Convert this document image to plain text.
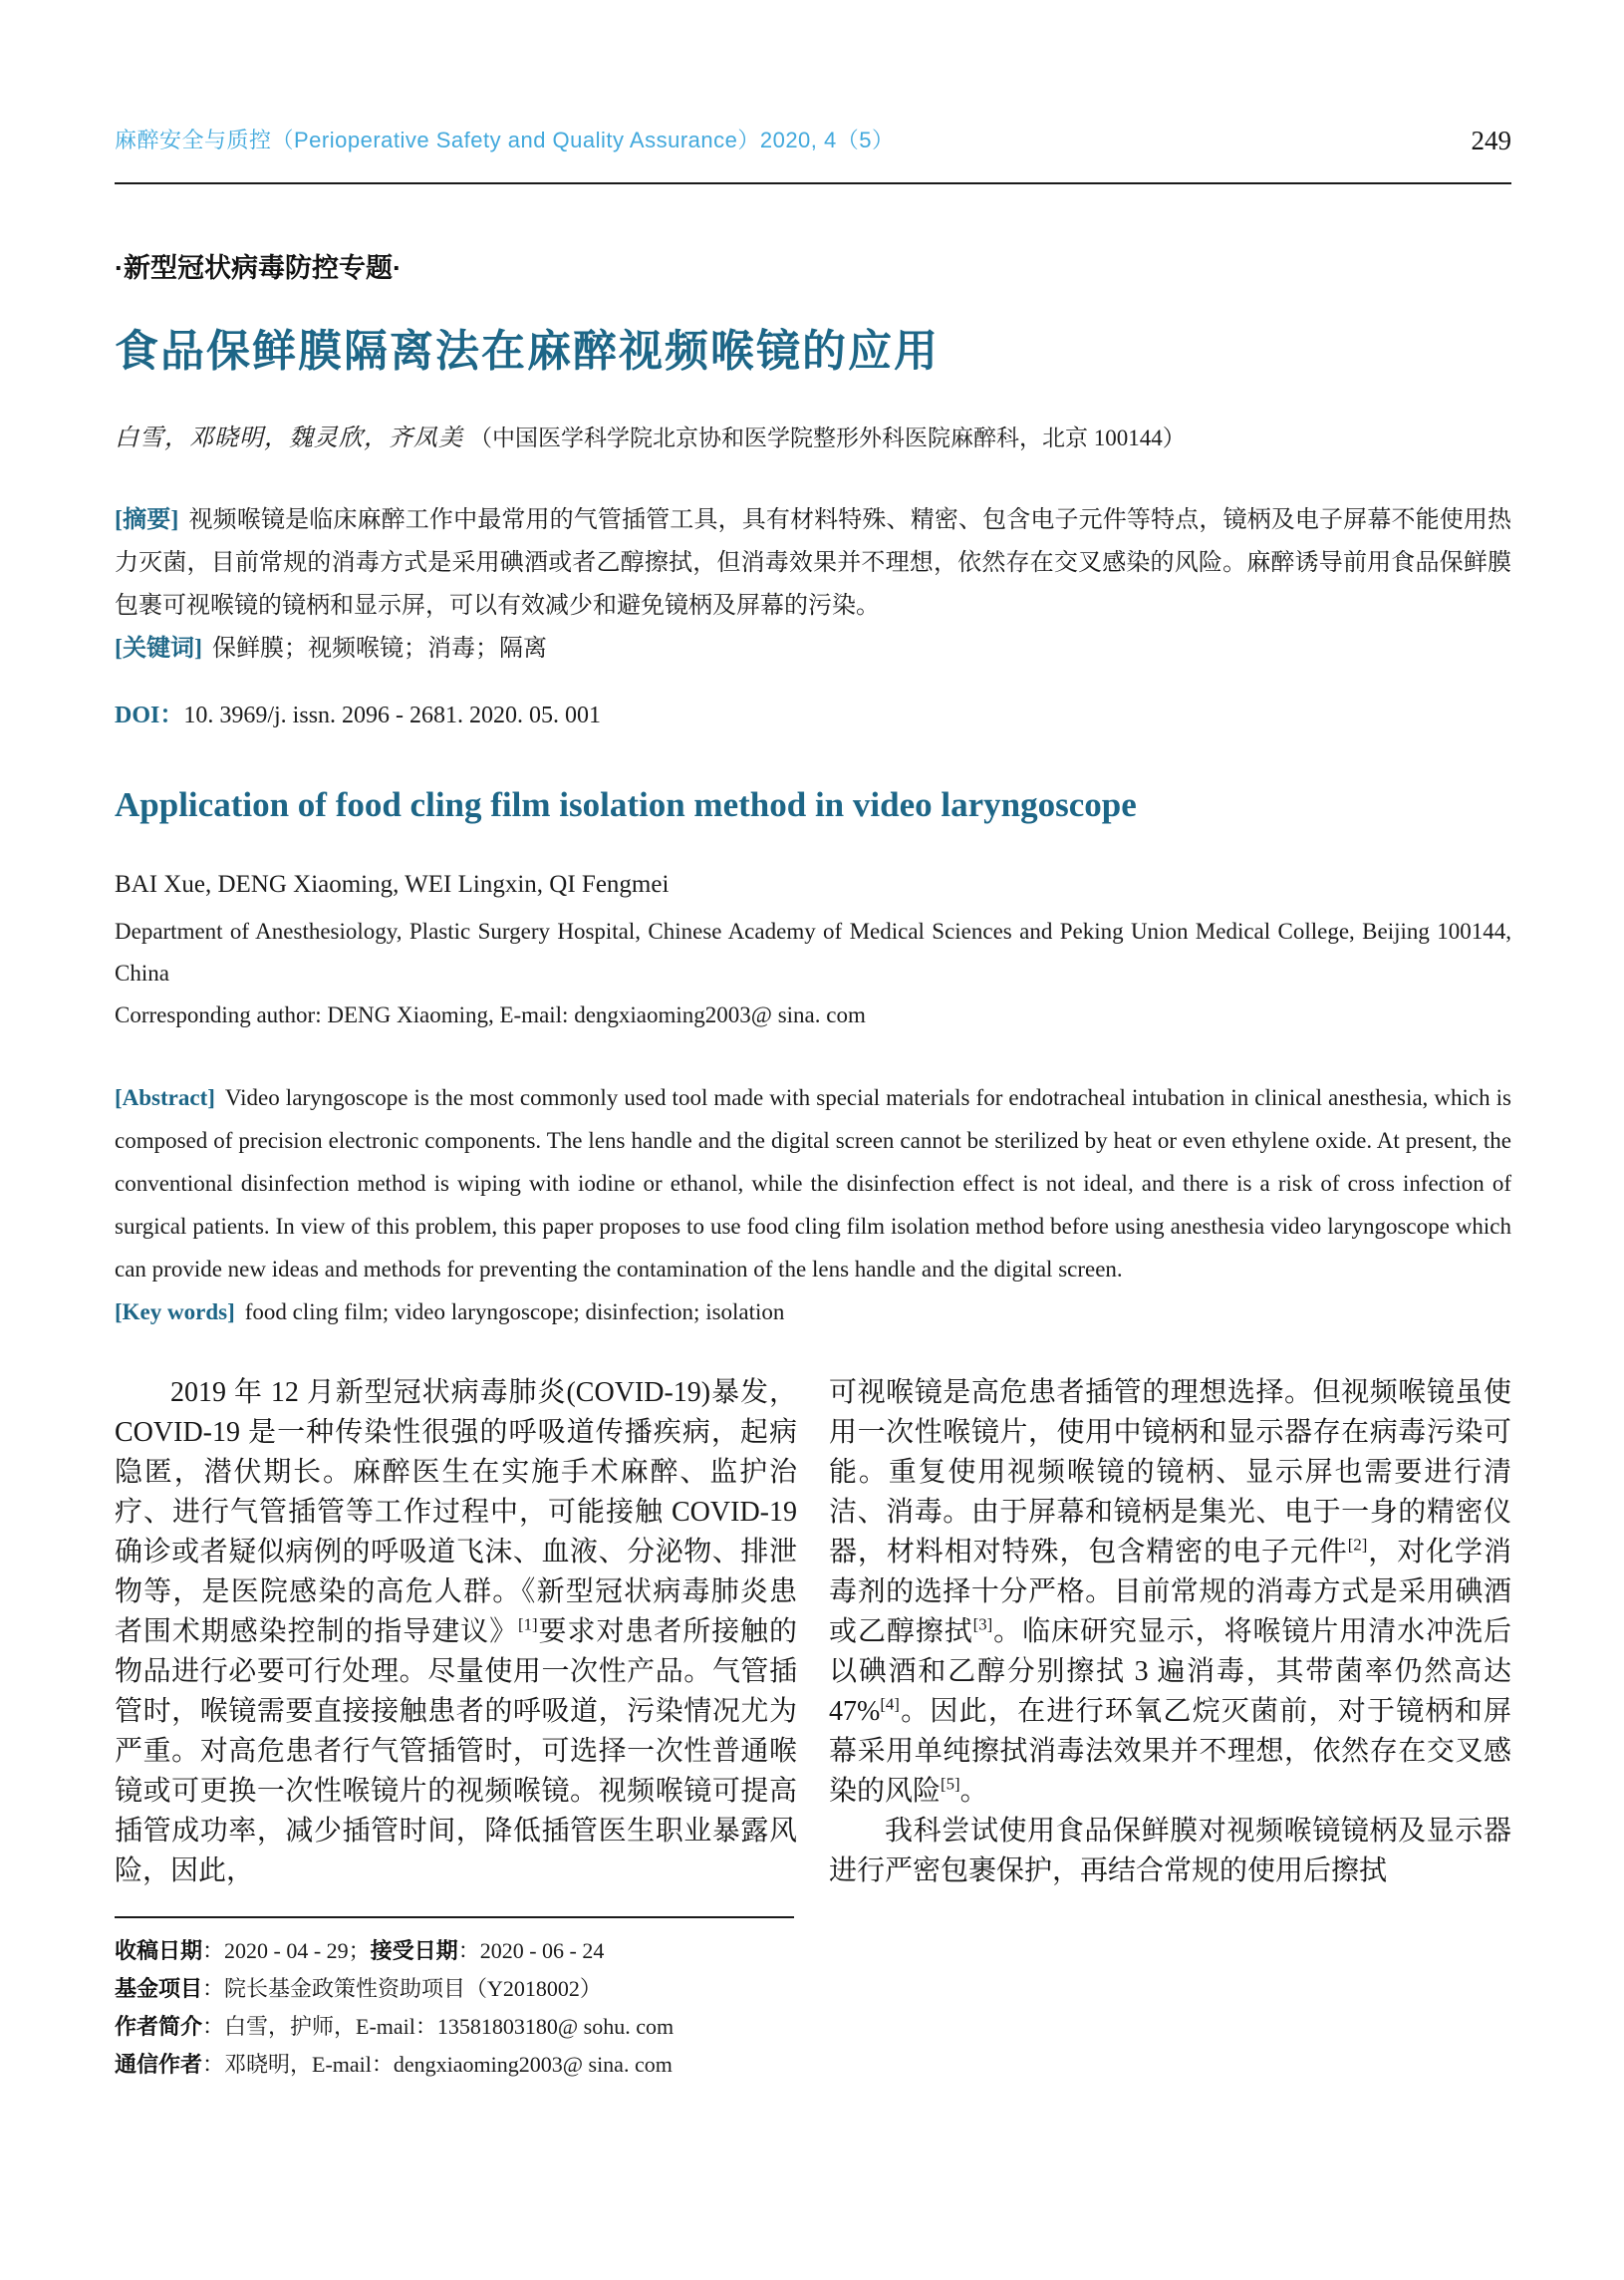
麻醉安全与质控（Perioperative Safety and Quality Assurance）2020, 4（5）	249
·新型冠状病毒防控专题·
食品保鲜膜隔离法在麻醉视频喉镜的应用
白雪，邓晓明，魏灵欣，齐凤美 （中国医学科学院北京协和医学院整形外科医院麻醉科，北京 100144）

[摘要] 视频喉镜是临床麻醉工作中最常用的气管插管工具，具有材料特殊、精密、包含电子元件等特点，镜柄及电子屏幕不能使用热力灭菌，目前常规的消毒方式是采用碘酒或者乙醇擦拭，但消毒效果并不理想，依然存在交叉感染的风险。麻醉诱导前用食品保鲜膜包裹可视喉镜的镜柄和显示屏，可以有效减少和避免镜柄及屏幕的污染。

[关键词] 保鲜膜；视频喉镜；消毒；隔离

DOI：10. 3969/j. issn. 2096 - 2681. 2020. 05. 001

Application of food cling film isolation method in video laryngoscope
BAI Xue, DENG Xiaoming, WEI Lingxin, QI Fengmei
Department of Anesthesiology, Plastic Surgery Hospital, Chinese Academy of Medical Sciences and Peking Union Medical College, Beijing 100144, China
Corresponding author: DENG Xiaoming, E-mail: dengxiaoming2003@ sina. com

[Abstract] Video laryngoscope is the most commonly used tool made with special materials for endotracheal intubation in clinical anesthesia, which is composed of precision electronic components. The lens handle and the digital screen cannot be sterilized by heat or even ethylene oxide. At present, the conventional disinfection method is wiping with iodine or ethanol, while the disinfection effect is not ideal, and there is a risk of cross infection of surgical patients. In view of this problem, this paper proposes to use food cling film isolation method before using anesthesia video laryngoscope which can provide new ideas and methods for preventing the contamination of the lens handle and the digital screen.

[Key words] food cling film; video laryngoscope; disinfection; isolation

2019 年 12 月新型冠状病毒肺炎(COVID-19)暴发，COVID-19 是一种传染性很强的呼吸道传播疾病，起病隐匿，潜伏期长。麻醉医生在实施手术麻醉、监护治疗、进行气管插管等工作过程中，可能接触 COVID-19 确诊或者疑似病例的呼吸道飞沫、血液、分泌物、排泄物等，是医院感染的高危人群。《新型冠状病毒肺炎患者围术期感染控制的指导建议》[1]要求对患者所接触的物品进行必要可行处理。尽量使用一次性产品。气管插管时，喉镜需要直接接触患者的呼吸道，污染情况尤为严重。对高危患者行气管插管时，可选择一次性普通喉镜或可更换一次性喉镜片的视频喉镜。视频喉镜可提高插管成功率，减少插管时间，降低插管医生职业暴露风险，因此，

可视喉镜是高危患者插管的理想选择。但视频喉镜虽使用一次性喉镜片，使用中镜柄和显示器存在病毒污染可能。重复使用视频喉镜的镜柄、显示屏也需要进行清洁、消毒。由于屏幕和镜柄是集光、电于一身的精密仪器，材料相对特殊，包含精密的电子元件[2]，对化学消毒剂的选择十分严格。目前常规的消毒方式是采用碘酒或乙醇擦拭[3]。临床研究显示，将喉镜片用清水冲洗后以碘酒和乙醇分别擦拭 3 遍消毒，其带菌率仍然高达 47%[4]。因此，在进行环氧乙烷灭菌前，对于镜柄和屏幕采用单纯擦拭消毒法效果并不理想，依然存在交叉感染的风险[5]。

我科尝试使用食品保鲜膜对视频喉镜镜柄及显示器进行严密包裹保护，再结合常规的使用后擦拭

收稿日期：2020 - 04 - 29；接受日期：2020 - 06 - 24

基金项目：院长基金政策性资助项目（Y2018002）

作者简介：白雪，护师，E-mail：13581803180@ sohu. com

通信作者：邓晓明，E-mail：dengxiaoming2003@ sina. com
